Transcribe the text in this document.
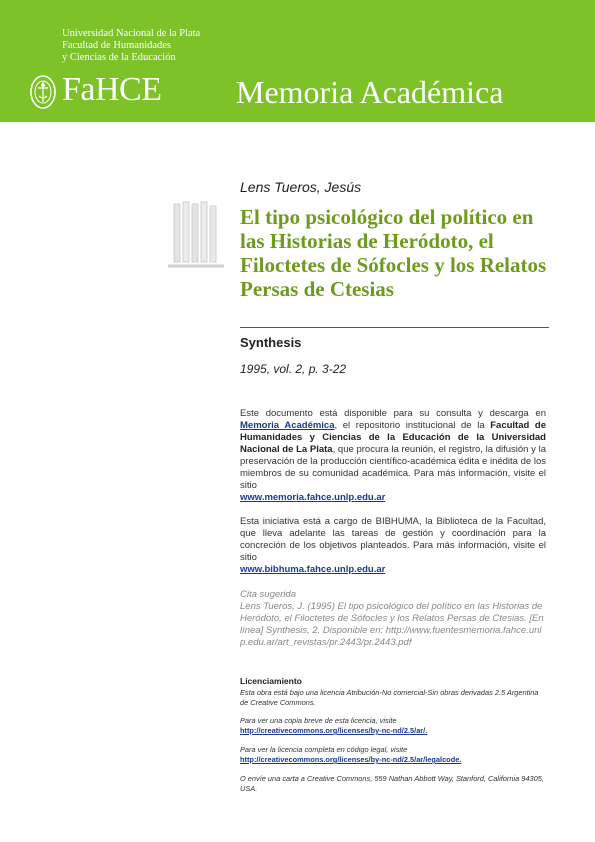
Universidad Nacional de la Plata
Facultad de Humanidades
y Ciencias de la Educación
FaHCE Memoria Académica
Lens Tueros, Jesús
El tipo psicológico del político en las Historias de Heródoto, el Filoctetes de Sófocles y los Relatos Persas de Ctesias
Synthesis
1995, vol. 2, p. 3-22

Este documento está disponible para su consulta y descarga en Memoria Académica, el repositorio institucional de la Facultad de Humanidades y Ciencias de la Educación de la Universidad Nacional de La Plata, que procura la reunión, el registro, la difusión y la preservación de la producción científico-académica édita e inédita de los miembros de su comunidad académica. Para más información, visite el sitio
www.memoria.fahce.unlp.edu.ar

Esta iniciativa está a cargo de BIBHUMA, la Biblioteca de la Facultad, que lleva adelante las tareas de gestión y coordinación para la concreción de los objetivos planteados. Para más información, visite el sitio
www.bibhuma.fahce.unlp.edu.ar

Cita sugerida

Lens Tueros, J. (1995) El tipo psicológico del político en las Historias de Heródoto, el Filoctetes de Sófocles y los Relatos Persas de Ctesias. [En línea] Synthesis, 2. Disponible en: http://www.fuentesmemoria.fahce.unlp.edu.ar/art_revistas/pr.2443/pr.2443.pdf

Licenciamiento

Esta obra está bajo una licencia Atribución-No comercial-Sin obras derivadas 2.5 Argentina de Creative Commons.

Para ver una copia breve de esta licencia, visite
http://creativecommons.org/licenses/by-nc-nd/2.5/ar/.

Para ver la licencia completa en código legal, visite
http://creativecommons.org/licenses/by-nc-nd/2.5/ar/legalcode.

O envíe una carta a Creative Commons, 559 Nathan Abbott Way, Stanford, California 94305, USA.
